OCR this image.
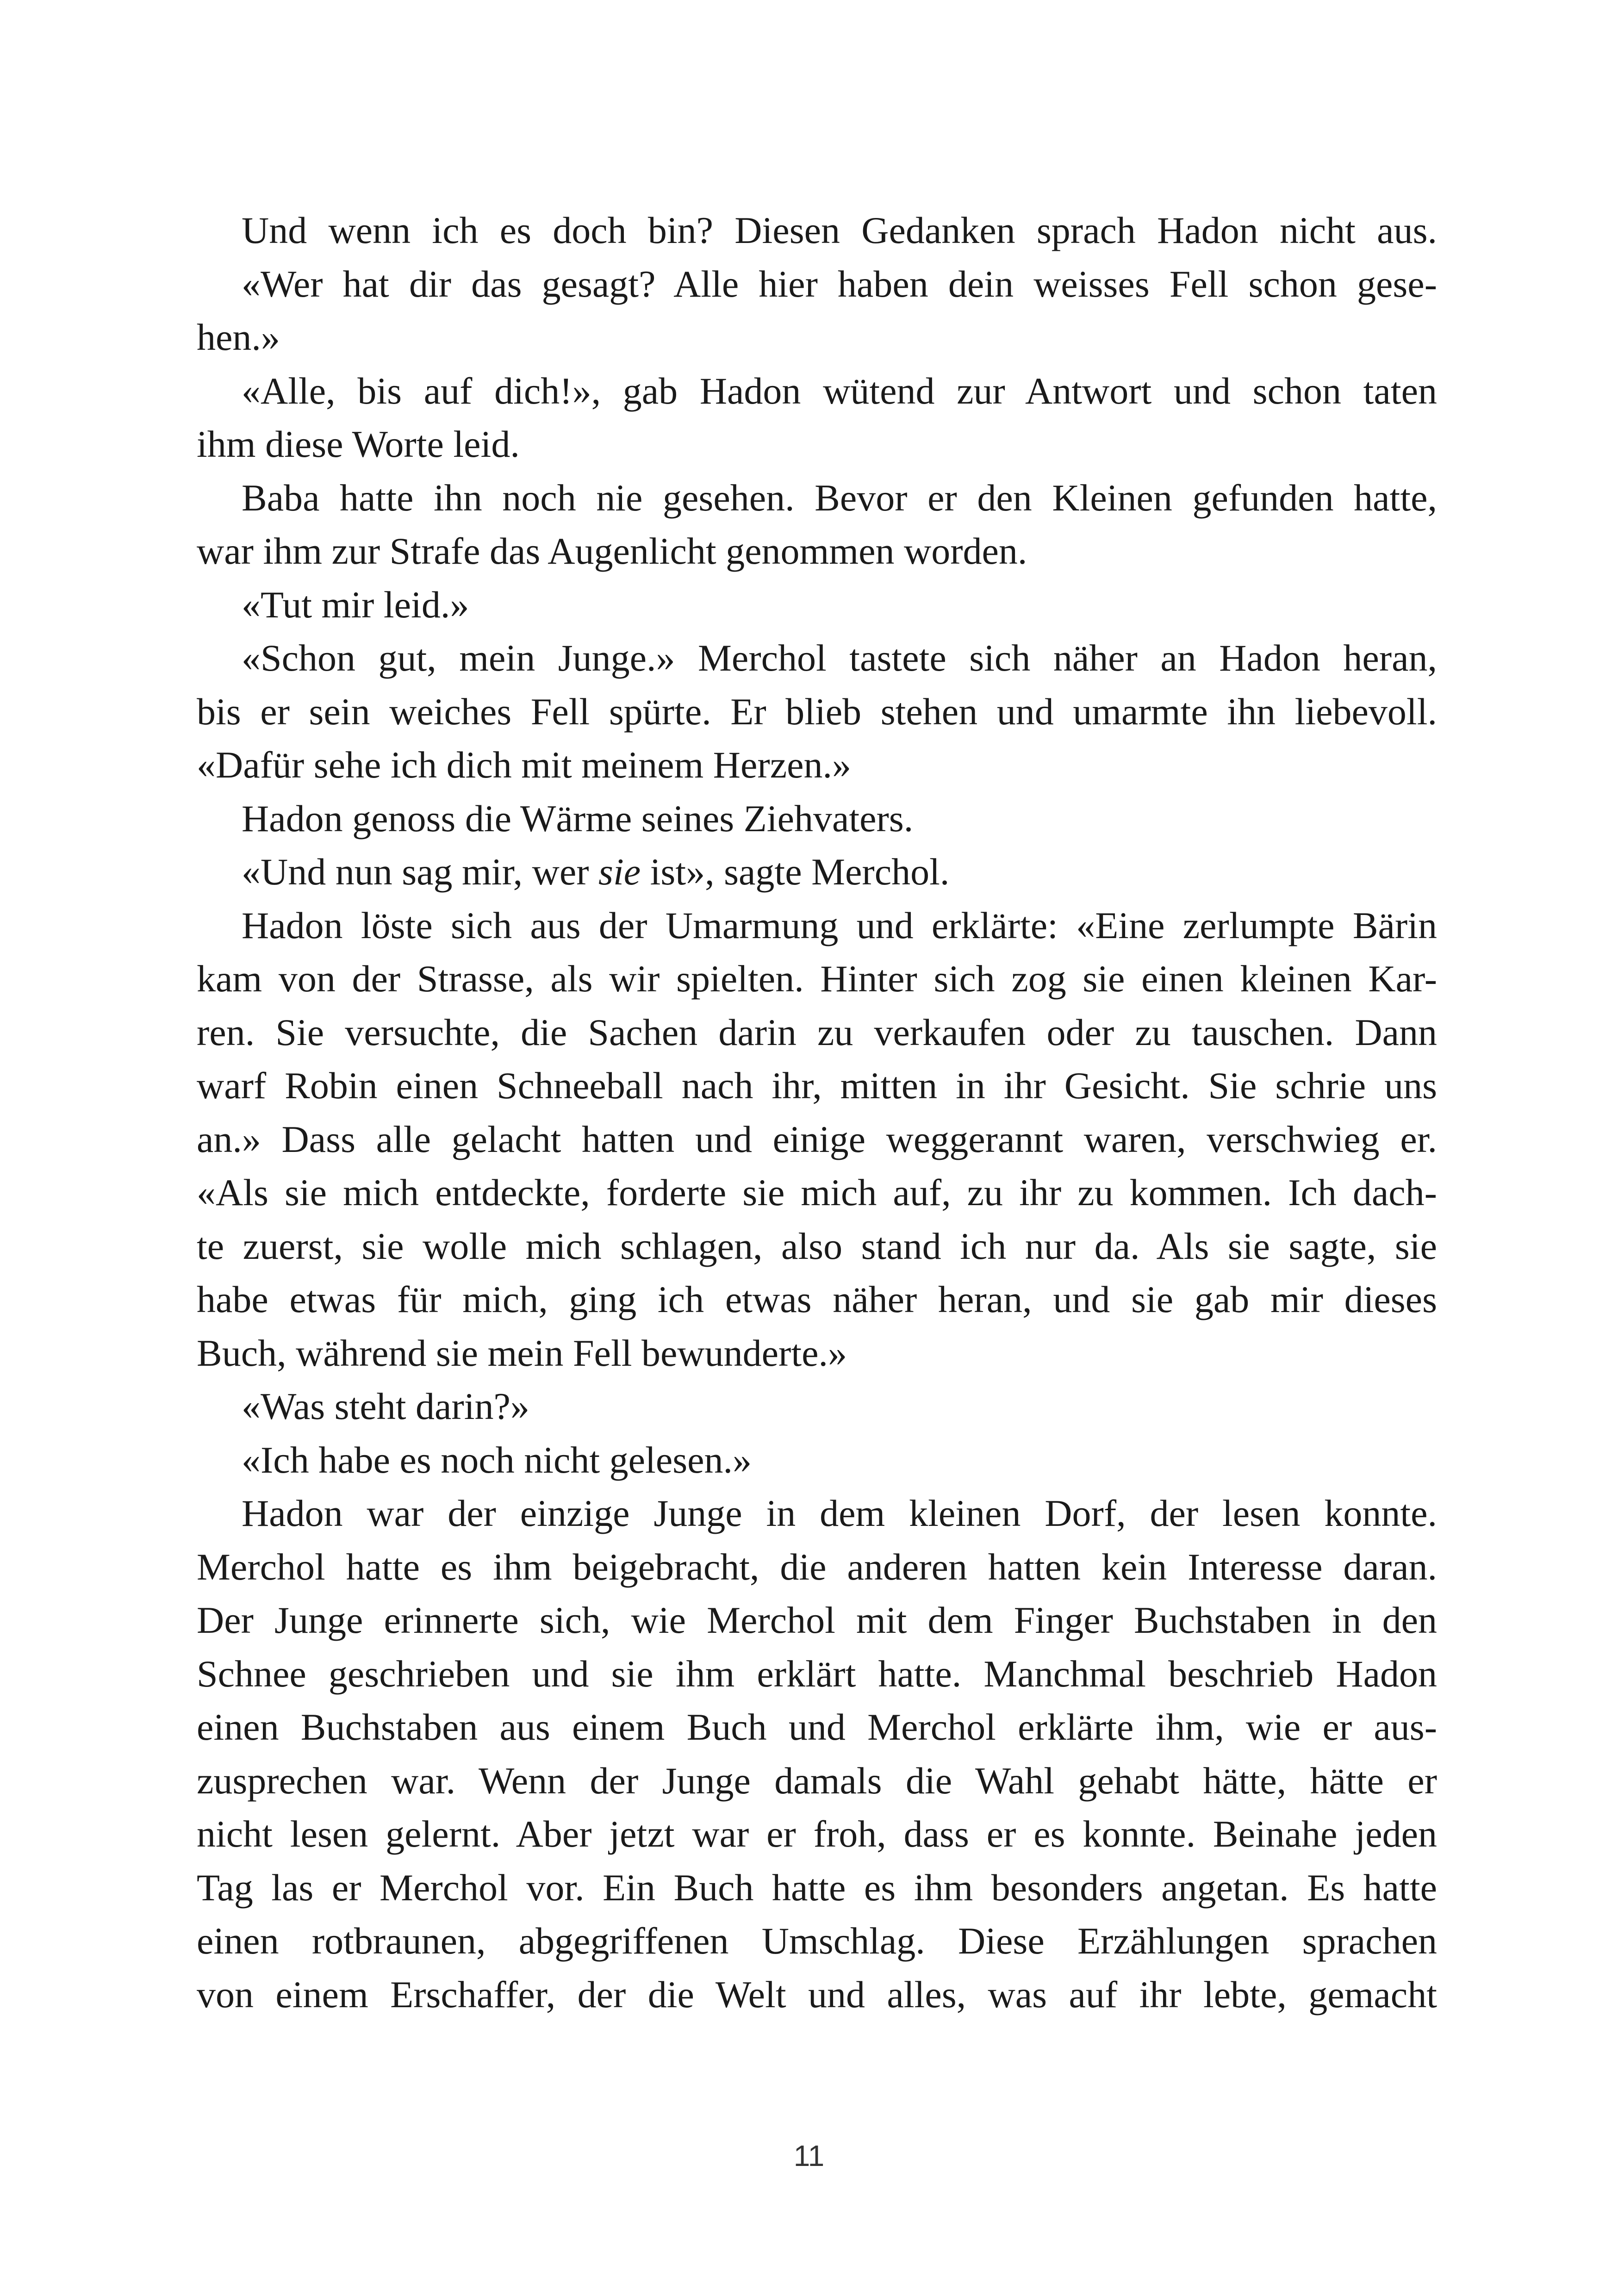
Und wenn ich es doch bin? Diesen Gedanken sprach Hadon nicht aus.
«Wer hat dir das gesagt? Alle hier haben dein weisses Fell schon gese-
hen.»
«Alle, bis auf dich!», gab Hadon wütend zur Antwort und schon taten
ihm diese Worte leid.
Baba hatte ihn noch nie gesehen. Bevor er den Kleinen gefunden hatte,
war ihm zur Strafe das Augenlicht genommen worden.
«Tut mir leid.»
«Schon gut, mein Junge.» Merchol tastete sich näher an Hadon heran,
bis er sein weiches Fell spürte. Er blieb stehen und umarmte ihn liebevoll.
«Dafür sehe ich dich mit meinem Herzen.»
Hadon genoss die Wärme seines Ziehvaters.
«Und nun sag mir, wer sie ist», sagte Merchol.
Hadon löste sich aus der Umarmung und erklärte: «Eine zerlumpte Bärin
kam von der Strasse, als wir spielten. Hinter sich zog sie einen kleinen Kar-
ren. Sie versuchte, die Sachen darin zu verkaufen oder zu tauschen. Dann
warf Robin einen Schneeball nach ihr, mitten in ihr Gesicht. Sie schrie uns
an.» Dass alle gelacht hatten und einige weggerannt waren, verschwieg er.
«Als sie mich entdeckte, forderte sie mich auf, zu ihr zu kommen. Ich dach-
te zuerst, sie wolle mich schlagen, also stand ich nur da. Als sie sagte, sie
habe etwas für mich, ging ich etwas näher heran, und sie gab mir dieses
Buch, während sie mein Fell bewunderte.»
«Was steht darin?»
«Ich habe es noch nicht gelesen.»
Hadon war der einzige Junge in dem kleinen Dorf, der lesen konnte.
Merchol hatte es ihm beigebracht, die anderen hatten kein Interesse daran.
Der Junge erinnerte sich, wie Merchol mit dem Finger Buchstaben in den
Schnee geschrieben und sie ihm erklärt hatte. Manchmal beschrieb Hadon
einen Buchstaben aus einem Buch und Merchol erklärte ihm, wie er aus-
zusprechen war. Wenn der Junge damals die Wahl gehabt hätte, hätte er
nicht lesen gelernt. Aber jetzt war er froh, dass er es konnte. Beinahe jeden
Tag las er Merchol vor. Ein Buch hatte es ihm besonders angetan. Es hatte
einen rotbraunen, abgegriffenen Umschlag. Diese Erzählungen sprachen
von einem Erschaffer, der die Welt und alles, was auf ihr lebte, gemacht
11
